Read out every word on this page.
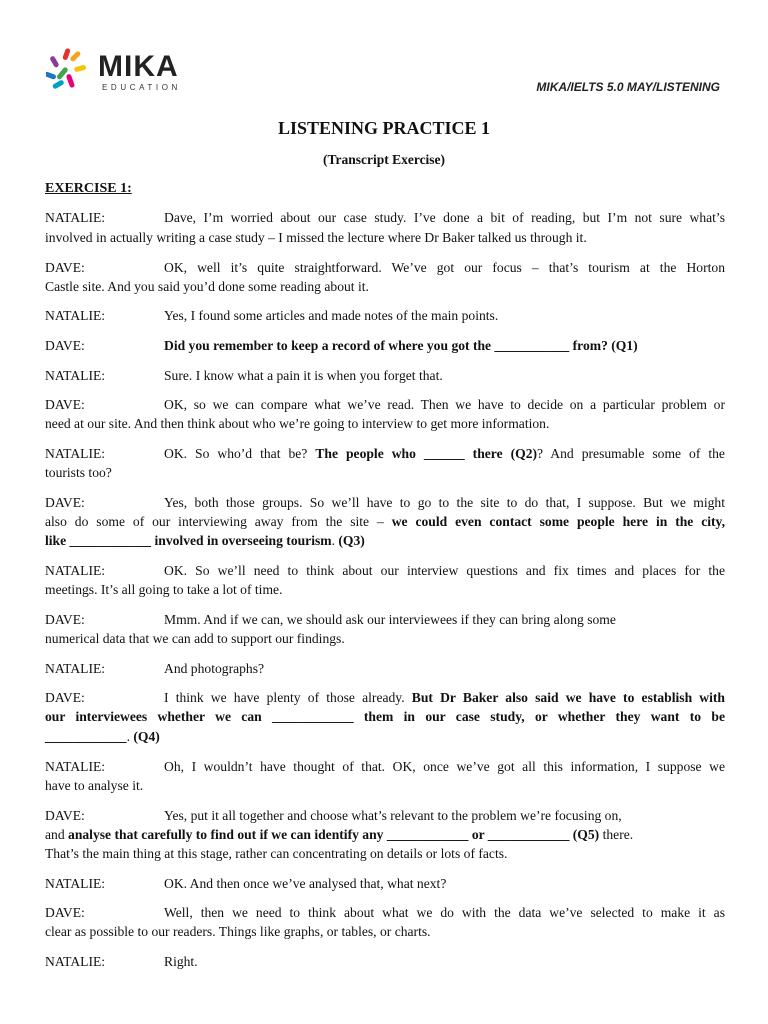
MIKA
EDUCATION	MIKA/IELTS 5.0 MAY/LISTENING
LISTENING PRACTICE 1
(Transcript Exercise)
EXERCISE 1:
NATALIE:	Dave, I’m worried about our case study. I’ve done a bit of reading, but I’m not sure what’s
involved in actually writing a case study – I missed the lecture where Dr Baker talked us through it.
DAVE:	OK, well it’s quite straightforward. We’ve got our focus – that’s tourism at the Horton
Castle site. And you said you’d done some reading about it.
NATALIE:	Yes, I found some articles and made notes of the main points.
DAVE:	Did you remember to keep a record of where you got the ___________ from? (Q1)
NATALIE:	Sure. I know what a pain it is when you forget that.
DAVE:	OK, so we can compare what we’ve read. Then we have to decide on a particular problem or
need at our site. And then think about who we’re going to interview to get more information.
NATALIE:	OK. So who’d that be? The people who ______ there (Q2)? And presumable some of the
tourists too?
DAVE:	Yes, both those groups. So we’ll have to go to the site to do that, I suppose. But we might
also do some of our interviewing away from the site – we could even contact some people here in the city,
like ____________ involved in overseeing tourism. (Q3)
NATALIE:	OK. So we’ll need to think about our interview questions and fix times and places for the
meetings. It’s all going to take a lot of time.
DAVE:	Mmm. And if we can, we should ask our interviewees if they can bring along some
numerical data that we can add to support our findings.
NATALIE:	And photographs?
DAVE:	I think we have plenty of those already. But Dr Baker also said we have to establish with
our interviewees whether we can ____________ them in our case study, or whether they want to be
____________. (Q4)
NATALIE:	Oh, I wouldn’t have thought of that. OK, once we’ve got all this information, I suppose we
have to analyse it.
DAVE:	Yes, put it all together and choose what’s relevant to the problem we’re focusing on,
and analyse that carefully to find out if we can identify any ____________ or ____________ (Q5) there.
That’s the main thing at this stage, rather can concentrating on details or lots of facts.
NATALIE:	OK. And then once we’ve analysed that, what next?
DAVE:	Well, then we need to think about what we do with the data we’ve selected to make it as
clear as possible to our readers. Things like graphs, or tables, or charts.
NATALIE:	Right.
